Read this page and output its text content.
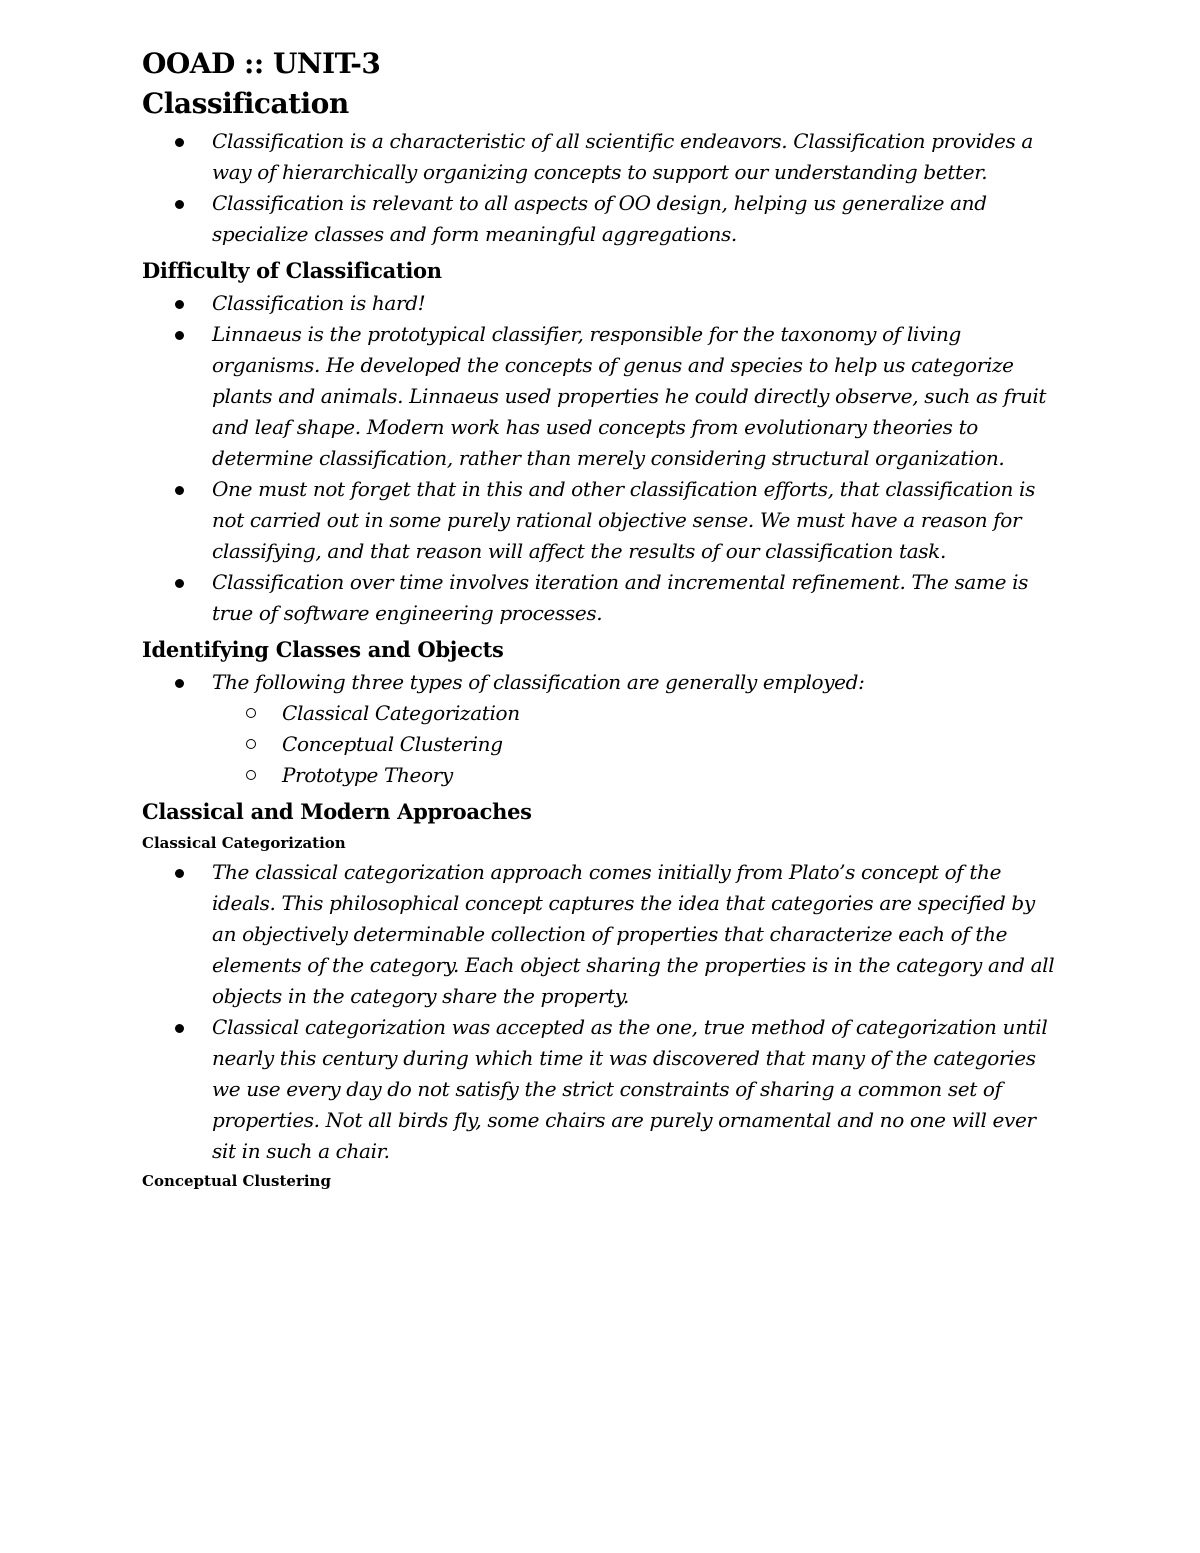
OOAD :: UNIT-3
Classification
Classification is a characteristic of all scientific endeavors. Classification provides a way of hierarchically organizing concepts to support our understanding better.
Classification is relevant to all aspects of OO design, helping us generalize and specialize classes and form meaningful aggregations.
Difficulty of Classification
Classification is hard!
Linnaeus is the prototypical classifier, responsible for the taxonomy of living organisms. He developed the concepts of genus and species to help us categorize plants and animals. Linnaeus used properties he could directly observe, such as fruit and leaf shape. Modern work has used concepts from evolutionary theories to determine classification, rather than merely considering structural organization.
One must not forget that in this and other classification efforts, that classification is not carried out in some purely rational objective sense. We must have a reason for classifying, and that reason will affect the results of our classification task.
Classification over time involves iteration and incremental refinement. The same is true of software engineering processes.
Identifying Classes and Objects
The following three types of classification are generally employed:
Classical Categorization
Conceptual Clustering
Prototype Theory
Classical and Modern Approaches
Classical Categorization
The classical categorization approach comes initially from Plato’s concept of the ideals. This philosophical concept captures the idea that categories are specified by an objectively determinable collection of properties that characterize each of the elements of the category. Each object sharing the properties is in the category and all objects in the category share the property.
Classical categorization was accepted as the one, true method of categorization until nearly this century during which time it was discovered that many of the categories we use every day do not satisfy the strict constraints of sharing a common set of properties. Not all birds fly, some chairs are purely ornamental and no one will ever sit in such a chair.
Conceptual Clustering
